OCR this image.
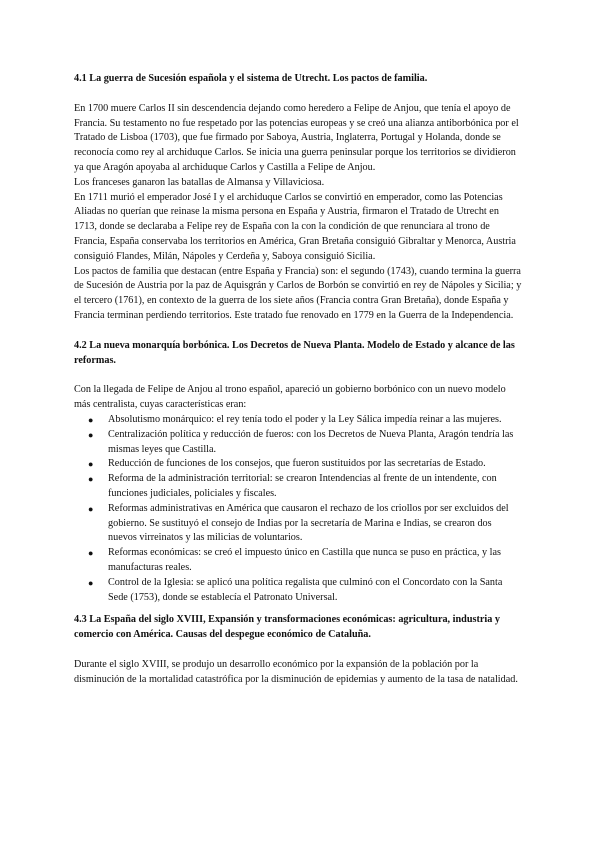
4.1 La guerra de Sucesión española y el sistema de Utrecht. Los pactos de familia.

En 1700 muere Carlos II sin descendencia dejando como heredero a Felipe de Anjou, que tenía el apoyo de Francia. Su testamento no fue respetado por las potencias europeas y se creó una alianza antiborbónica por el Tratado de Lisboa (1703), que fue firmado por Saboya, Austria, Inglaterra, Portugal y Holanda, donde se reconocía como rey al archiduque Carlos. Se inicia una guerra peninsular porque los territorios se dividieron ya que Aragón apoyaba al archiduque Carlos y Castilla a Felipe de Anjou.

Los franceses ganaron las batallas de Almansa y Villaviciosa.

En 1711 murió el emperador José I y el archiduque Carlos se convirtió en emperador, como las Potencias Aliadas no querían que reinase la misma persona en España y Austria, firmaron el Tratado de Utrecht en 1713, donde se declaraba a Felipe rey de España con la con la condición de que renunciara al trono de Francia, España conservaba los territorios en América, Gran Bretaña consiguió Gibraltar y Menorca, Austria consiguió Flandes, Milán, Nápoles y Cerdeña y, Saboya consiguió Sicilia.

Los pactos de familia que destacan (entre España y Francia) son: el segundo (1743), cuando termina la guerra de Sucesión de Austria por la paz de Aquisgrán y Carlos de Borbón se convirtió en rey de Nápoles y Sicilia; y el tercero (1761), en contexto de la guerra de los siete años (Francia contra Gran Bretaña), donde España y Francia terminan perdiendo territorios. Este tratado fue renovado en 1779 en la Guerra de la Independencia.

4.2 La nueva monarquía borbónica. Los Decretos de Nueva Planta. Modelo de Estado y alcance de las reformas.

Con la llegada de Felipe de Anjou al trono español, apareció un gobierno borbónico con un nuevo modelo más centralista, cuyas características eran:

● Absolutismo monárquico: el rey tenía todo el poder y la Ley Sálica impedía reinar a las mujeres.
● Centralización política y reducción de fueros: con los Decretos de Nueva Planta, Aragón tendría las mismas leyes que Castilla.
● Reducción de funciones de los consejos, que fueron sustituidos por las secretarías de Estado.
● Reforma de la administración territorial: se crearon Intendencias al frente de un intendente, con funciones judiciales, policiales y fiscales.
● Reformas administrativas en América que causaron el rechazo de los criollos por ser excluidos del gobierno. Se sustituyó el consejo de Indias por la secretaría de Marina e Indias, se crearon dos nuevos virreinatos y las milicias de voluntarios.
● Reformas económicas: se creó el impuesto único en Castilla que nunca se puso en práctica, y las manufacturas reales.
● Control de la Iglesia: se aplicó una política regalista que culminó con el Concordato con la Santa Sede (1753), donde se establecía el Patronato Universal.

4.3 La España del siglo XVIII, Expansión y transformaciones económicas: agricultura, industria y comercio con América. Causas del despegue económico de Cataluña.

Durante el siglo XVIII, se produjo un desarrollo económico por la expansión de la población por la disminución de la mortalidad catastrófica por la disminución de epidemias y aumento de la tasa de natalidad.
